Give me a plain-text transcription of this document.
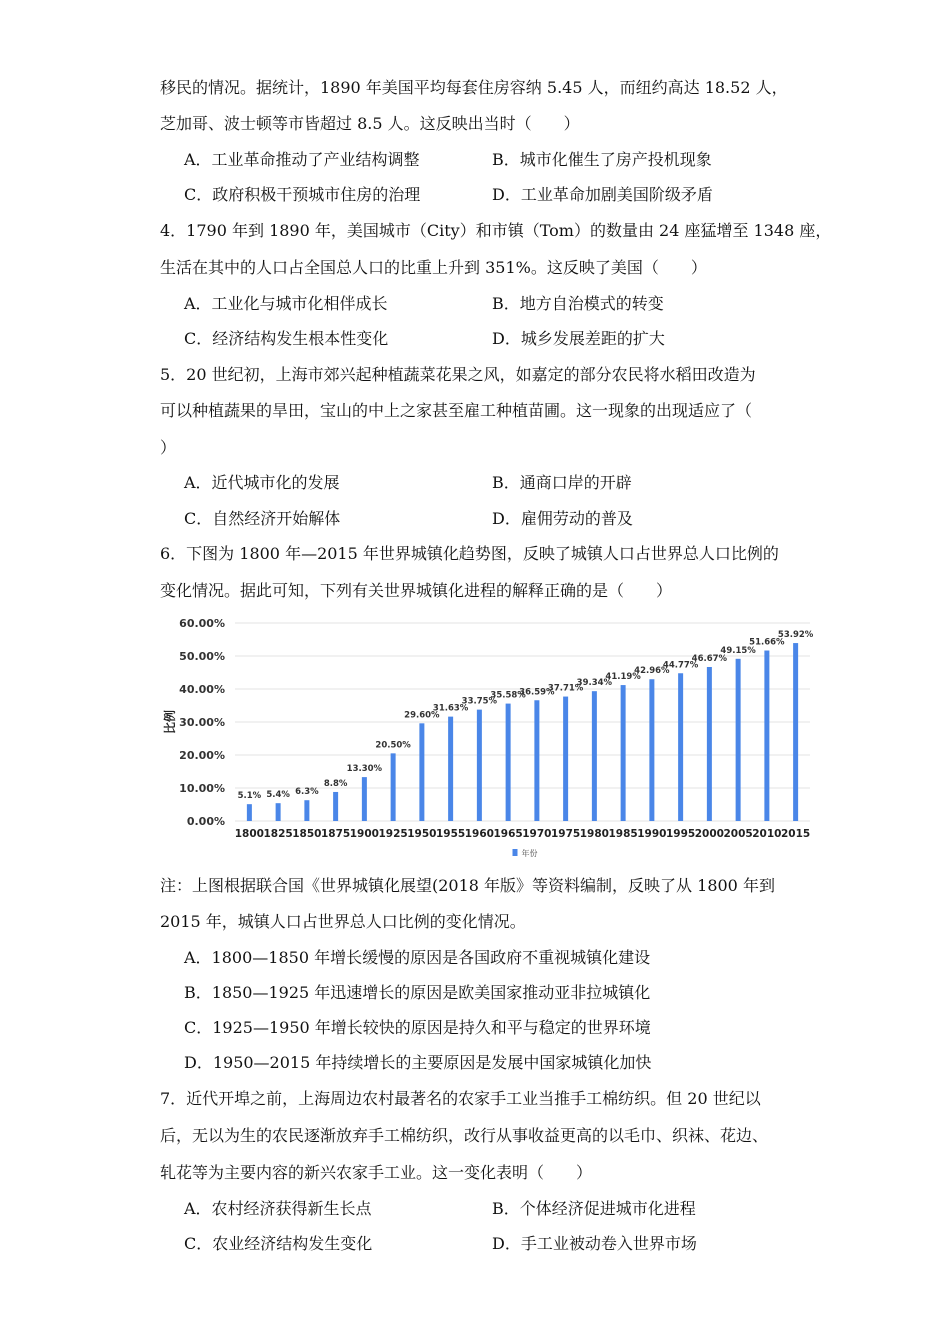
移民的情况。据统计，1890 年美国平均每套住房容纳 5.45 人，而纽约高达 18.52 人，
芝加哥、波士顿等市皆超过 8.5 人。这反映出当时（　　）
A．工业革命推动了产业结构调整	B．城市化催生了房产投机现象
C．政府积极干预城市住房的治理	D．工业革命加剧美国阶级矛盾
4．1790 年到 1890 年，美国城市（City）和市镇（Tom）的数量由 24 座猛增至 1348 座，
生活在其中的人口占全国总人口的比重上升到 351%。这反映了美国（　　）
A．工业化与城市化相伴成长	B．地方自治模式的转变
C．经济结构发生根本性变化	D．城乡发展差距的扩大
5．20 世纪初，上海市郊兴起种植蔬菜花果之风，如嘉定的部分农民将水稻田改造为
可以种植蔬果的旱田，宝山的中上之家甚至雇工种植苗圃。这一现象的出现适应了（
）
A．近代城市化的发展	B．通商口岸的开辟
C．自然经济开始解体	D．雇佣劳动的普及
6．下图为 1800 年—2015 年世界城镇化趋势图，反映了城镇人口占世界总人口比例的
变化情况。据此可知，下列有关世界城镇化进程的解释正确的是（　　）
0.00%
10.00%
20.00%
30.00%
40.00%
50.00%
60.00%
比例
5.1%
1800
5.4%
1825
6.3%
1850
8.8%
1875
13.30%
1900
20.50%
1925
29.60%
1950
31.63%
1955
33.75%
1960
35.58%
1965
36.59%
1970
37.71%
1975
39.34%
1980
41.19%
1985
42.96%
1990
44.77%
1995
46.67%
2000
49.15%
2005
51.66%
2010
53.92%
2015
年份
注：上图根据联合国《世界城镇化展望(2018 年版》等资料编制，反映了从 1800 年到
2015 年，城镇人口占世界总人口比例的变化情况。
A．1800—1850 年增长缓慢的原因是各国政府不重视城镇化建设
B．1850—1925 年迅速增长的原因是欧美国家推动亚非拉城镇化
C．1925—1950 年增长较快的原因是持久和平与稳定的世界环境
D．1950—2015 年持续增长的主要原因是发展中国家城镇化加快
7．近代开埠之前，上海周边农村最著名的农家手工业当推手工棉纺织。但 20 世纪以
后，无以为生的农民逐渐放弃手工棉纺织，改行从事收益更高的以毛巾、织袜、花边、
轧花等为主要内容的新兴农家手工业。这一变化表明（　　）
A．农村经济获得新生长点	B．个体经济促进城市化进程
C．农业经济结构发生变化	D．手工业被动卷入世界市场
